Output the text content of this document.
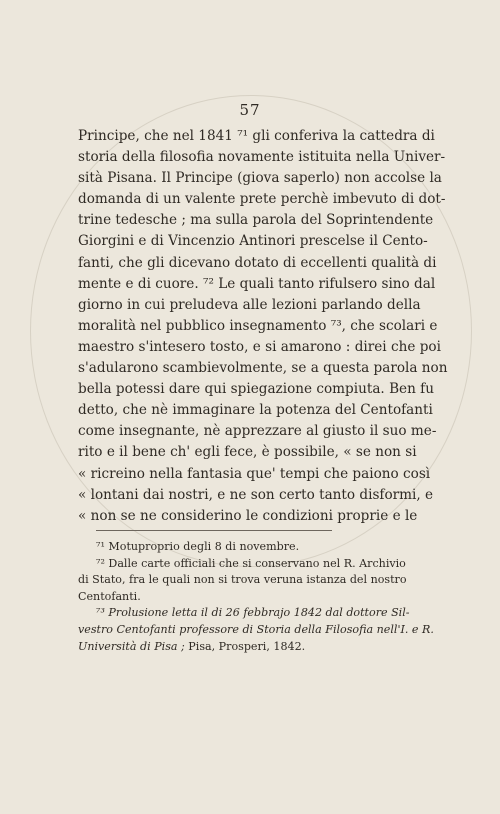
57
Principe, che nel 1841 ⁷¹ gli conferiva la cattedra di
storia della filosofia novamente istituita nella Univer-
sità Pisana. Il Principe (giova saperlo) non accolse la
domanda di un valente prete perchè imbevuto di dot-
trine tedesche ; ma sulla parola del Soprintendente
Giorgini e di Vincenzio Antinori prescelse il Cento-
fanti, che gli dicevano dotato di eccellenti qualità di
mente e di cuore. ⁷² Le quali tanto rifulsero sino dal
giorno in cui preludeva alle lezioni parlando della
moralità nel pubblico insegnamento ⁷³, che scolari e
maestro s'intesero tosto, e si amarono : direi che poi
s'adularono scambievolmente, se a questa parola non
bella potessi dare qui spiegazione compiuta. Ben fu
detto, che nè immaginare la potenza del Centofanti
come insegnante, nè apprezzare al giusto il suo me-
rito e il bene ch' egli fece, è possibile, « se non si
« ricreino nella fantasia que' tempi che paiono così
« lontani dai nostri, e ne son certo tanto disformi, e
« non se ne considerino le condizioni proprie e le
⁷¹ Motuproprio degli 8 di novembre.
⁷² Dalle carte officiali che si conservano nel R. Archivio
di Stato, fra le quali non si trova veruna istanza del nostro
Centofanti.
⁷³ Prolusione letta il di 26 febbrajo 1842 dal dottore Sil-
vestro Centofanti professore di Storia della Filosofia nell'I. e R.
Università di Pisa ; Pisa, Prosperi, 1842.
